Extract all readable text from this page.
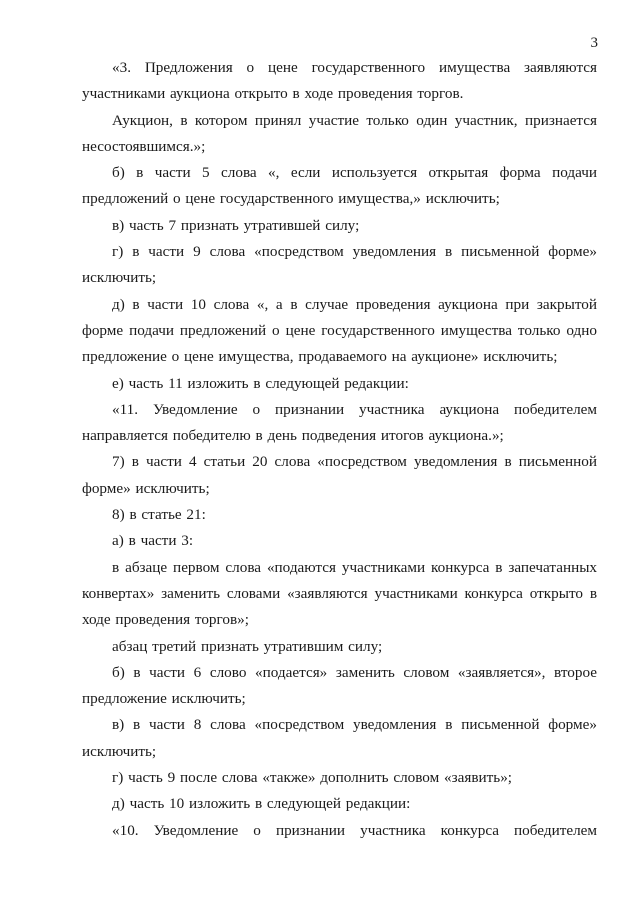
3

«3. Предложения о цене государственного имущества заявляются участниками аукциона открыто в ходе проведения торгов.

Аукцион, в котором принял участие только один участник, признается несостоявшимся.»;

б) в части 5 слова «, если используется открытая форма подачи предложений о цене государственного имущества,» исключить;

в) часть 7 признать утратившей силу;

г) в части 9 слова «посредством уведомления в письменной форме» исключить;

д) в части 10 слова «, а в случае проведения аукциона при закрытой форме подачи предложений о цене государственного имущества только одно предложение о цене имущества, продаваемого на аукционе» исключить;

е) часть 11 изложить в следующей редакции:

«11. Уведомление о признании участника аукциона победителем направляется победителю в день подведения итогов аукциона.»;

7) в части 4 статьи 20 слова «посредством уведомления в письменной форме» исключить;

8) в статье 21:

а) в части 3:

в абзаце первом слова «подаются участниками конкурса в запечатанных конвертах» заменить словами «заявляются участниками конкурса открыто в ходе проведения торгов»;

абзац третий признать утратившим силу;

б) в части 6 слово «подается» заменить словом «заявляется», второе предложение исключить;

в) в части 8 слова «посредством уведомления в письменной форме» исключить;

г) часть 9 после слова «также» дополнить словом «заявить»;

д) часть 10 изложить в следующей редакции:

«10. Уведомление о признании участника конкурса победителем
